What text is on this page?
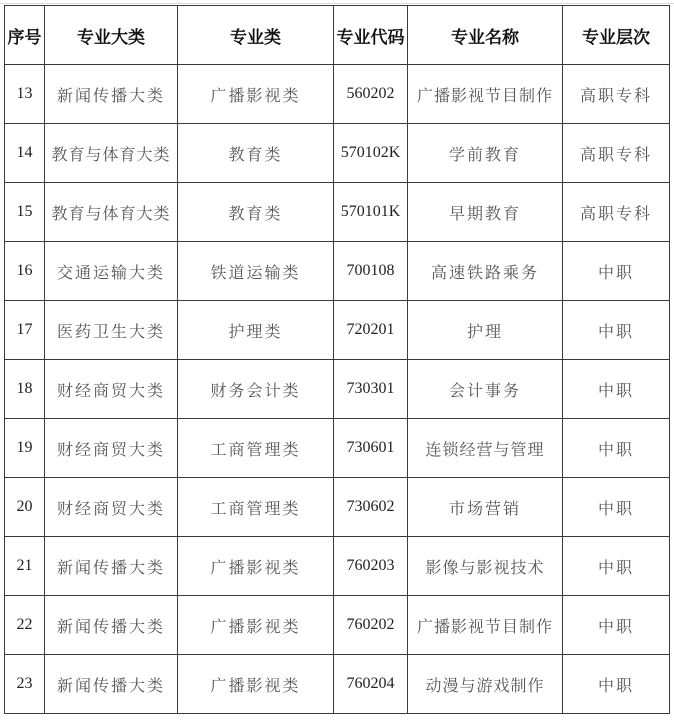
序号	专业大类	专业类	专业代码	专业名称	专业层次
13	新闻传播大类	广播影视类	560202	广播影视节目制作	高职专科
14	教育与体育大类	教育类	570102K	学前教育	高职专科
15	教育与体育大类	教育类	570101K	早期教育	高职专科
16	交通运输大类	铁道运输类	700108	高速铁路乘务	中职
17	医药卫生大类	护理类	720201	护理	中职
18	财经商贸大类	财务会计类	730301	会计事务	中职
19	财经商贸大类	工商管理类	730601	连锁经营与管理	中职
20	财经商贸大类	工商管理类	730602	市场营销	中职
21	新闻传播大类	广播影视类	760203	影像与影视技术	中职
22	新闻传播大类	广播影视类	760202	广播影视节目制作	中职
23	新闻传播大类	广播影视类	760204	动漫与游戏制作	中职
